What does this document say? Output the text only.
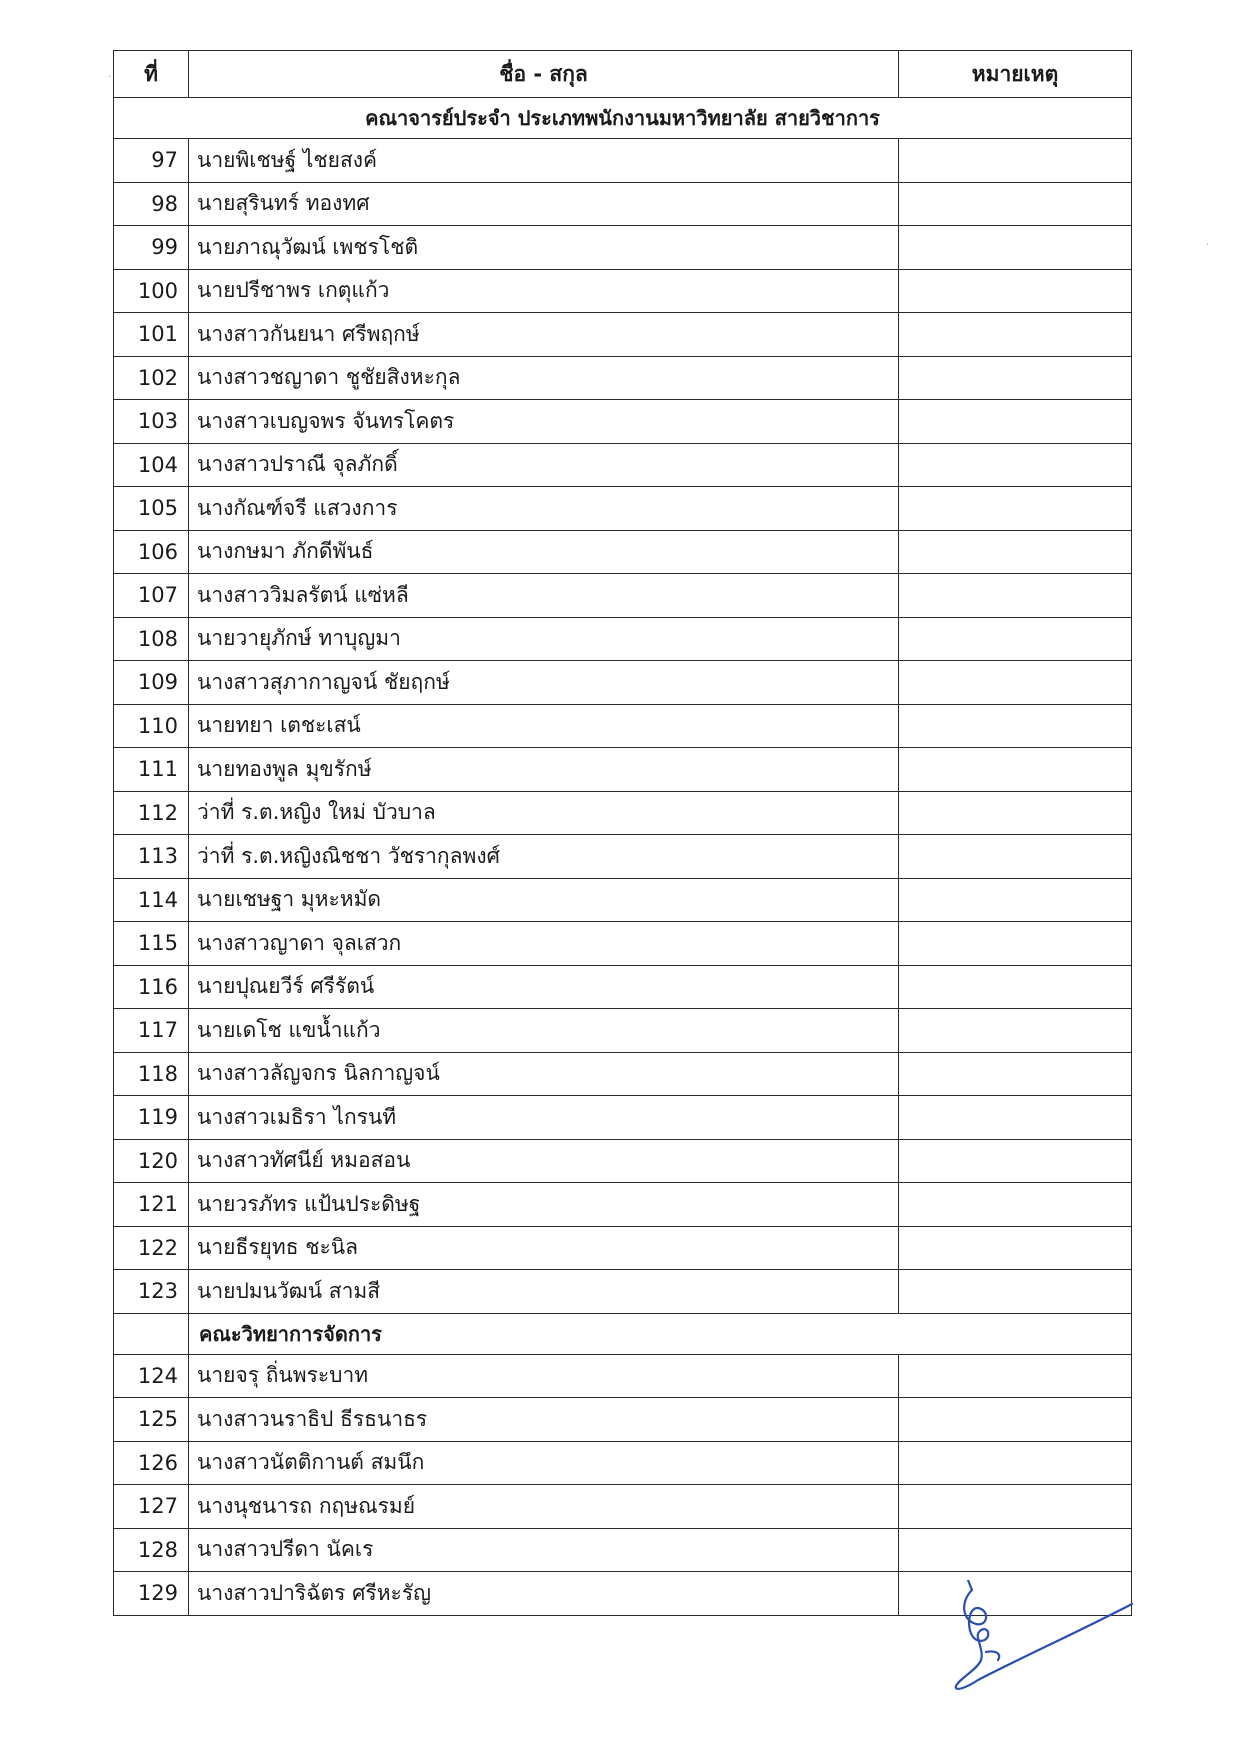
·
·
ที่	ชื่อ - สกุล	หมายเหตุ
คณาจารย์ประจำ ประเภทพนักงานมหาวิทยาลัย สายวิชาการ		
97	นายพิเชษฐ์ ไชยสงค์	
98	นายสุรินทร์ ทองทศ	
99	นายภาณุวัฒน์ เพชรโชติ	
100	นายปรีชาพร เกตุแก้ว	
101	นางสาวกันยนา ศรีพฤกษ์	
102	นางสาวชญาดา ชูชัยสิงหะกุล	
103	นางสาวเบญจพร จันทรโคตร	
104	นางสาวปราณี จุลภักดิ์	
105	นางกัณฑ์จรี แสวงการ	
106	นางกษมา ภักดีพันธ์	
107	นางสาววิมลรัตน์ แซ่หลี	
108	นายวายุภักษ์ ทาบุญมา	
109	นางสาวสุภากาญจน์ ชัยฤกษ์	
110	นายทยา เตชะเสน์	
111	นายทองพูล มุขรักษ์	
112	ว่าที่ ร.ต.หญิง ใหม่ บัวบาล	
113	ว่าที่ ร.ต.หญิงณิชชา วัชรากุลพงศ์	
114	นายเชษฐา มุหะหมัด	
115	นางสาวญาดา จุลเสวก	
116	นายปุณยวีร์ ศรีรัตน์	
117	นายเดโช แขน้ำแก้ว	
118	นางสาวลัญจกร นิลกาญจน์	
119	นางสาวเมธิรา ไกรนที	
120	นางสาวทัศนีย์ หมอสอน	
121	นายวรภัทร แป้นประดิษฐ	
122	นายธีรยุทธ ชะนิล	
123	นายปมนวัฒน์ สามสี	
	คณะวิทยาการจัดการ	
124	นายจรุ ถิ่นพระบาท	
125	นางสาวนราธิป ธีรธนาธร	
126	นางสาวนัตติกานต์ สมนึก	
127	นางนุชนารถ กฤษณรมย์	
128	นางสาวปรีดา นัคเร	
129	นางสาวปาริฉัตร ศรีหะรัญ	
